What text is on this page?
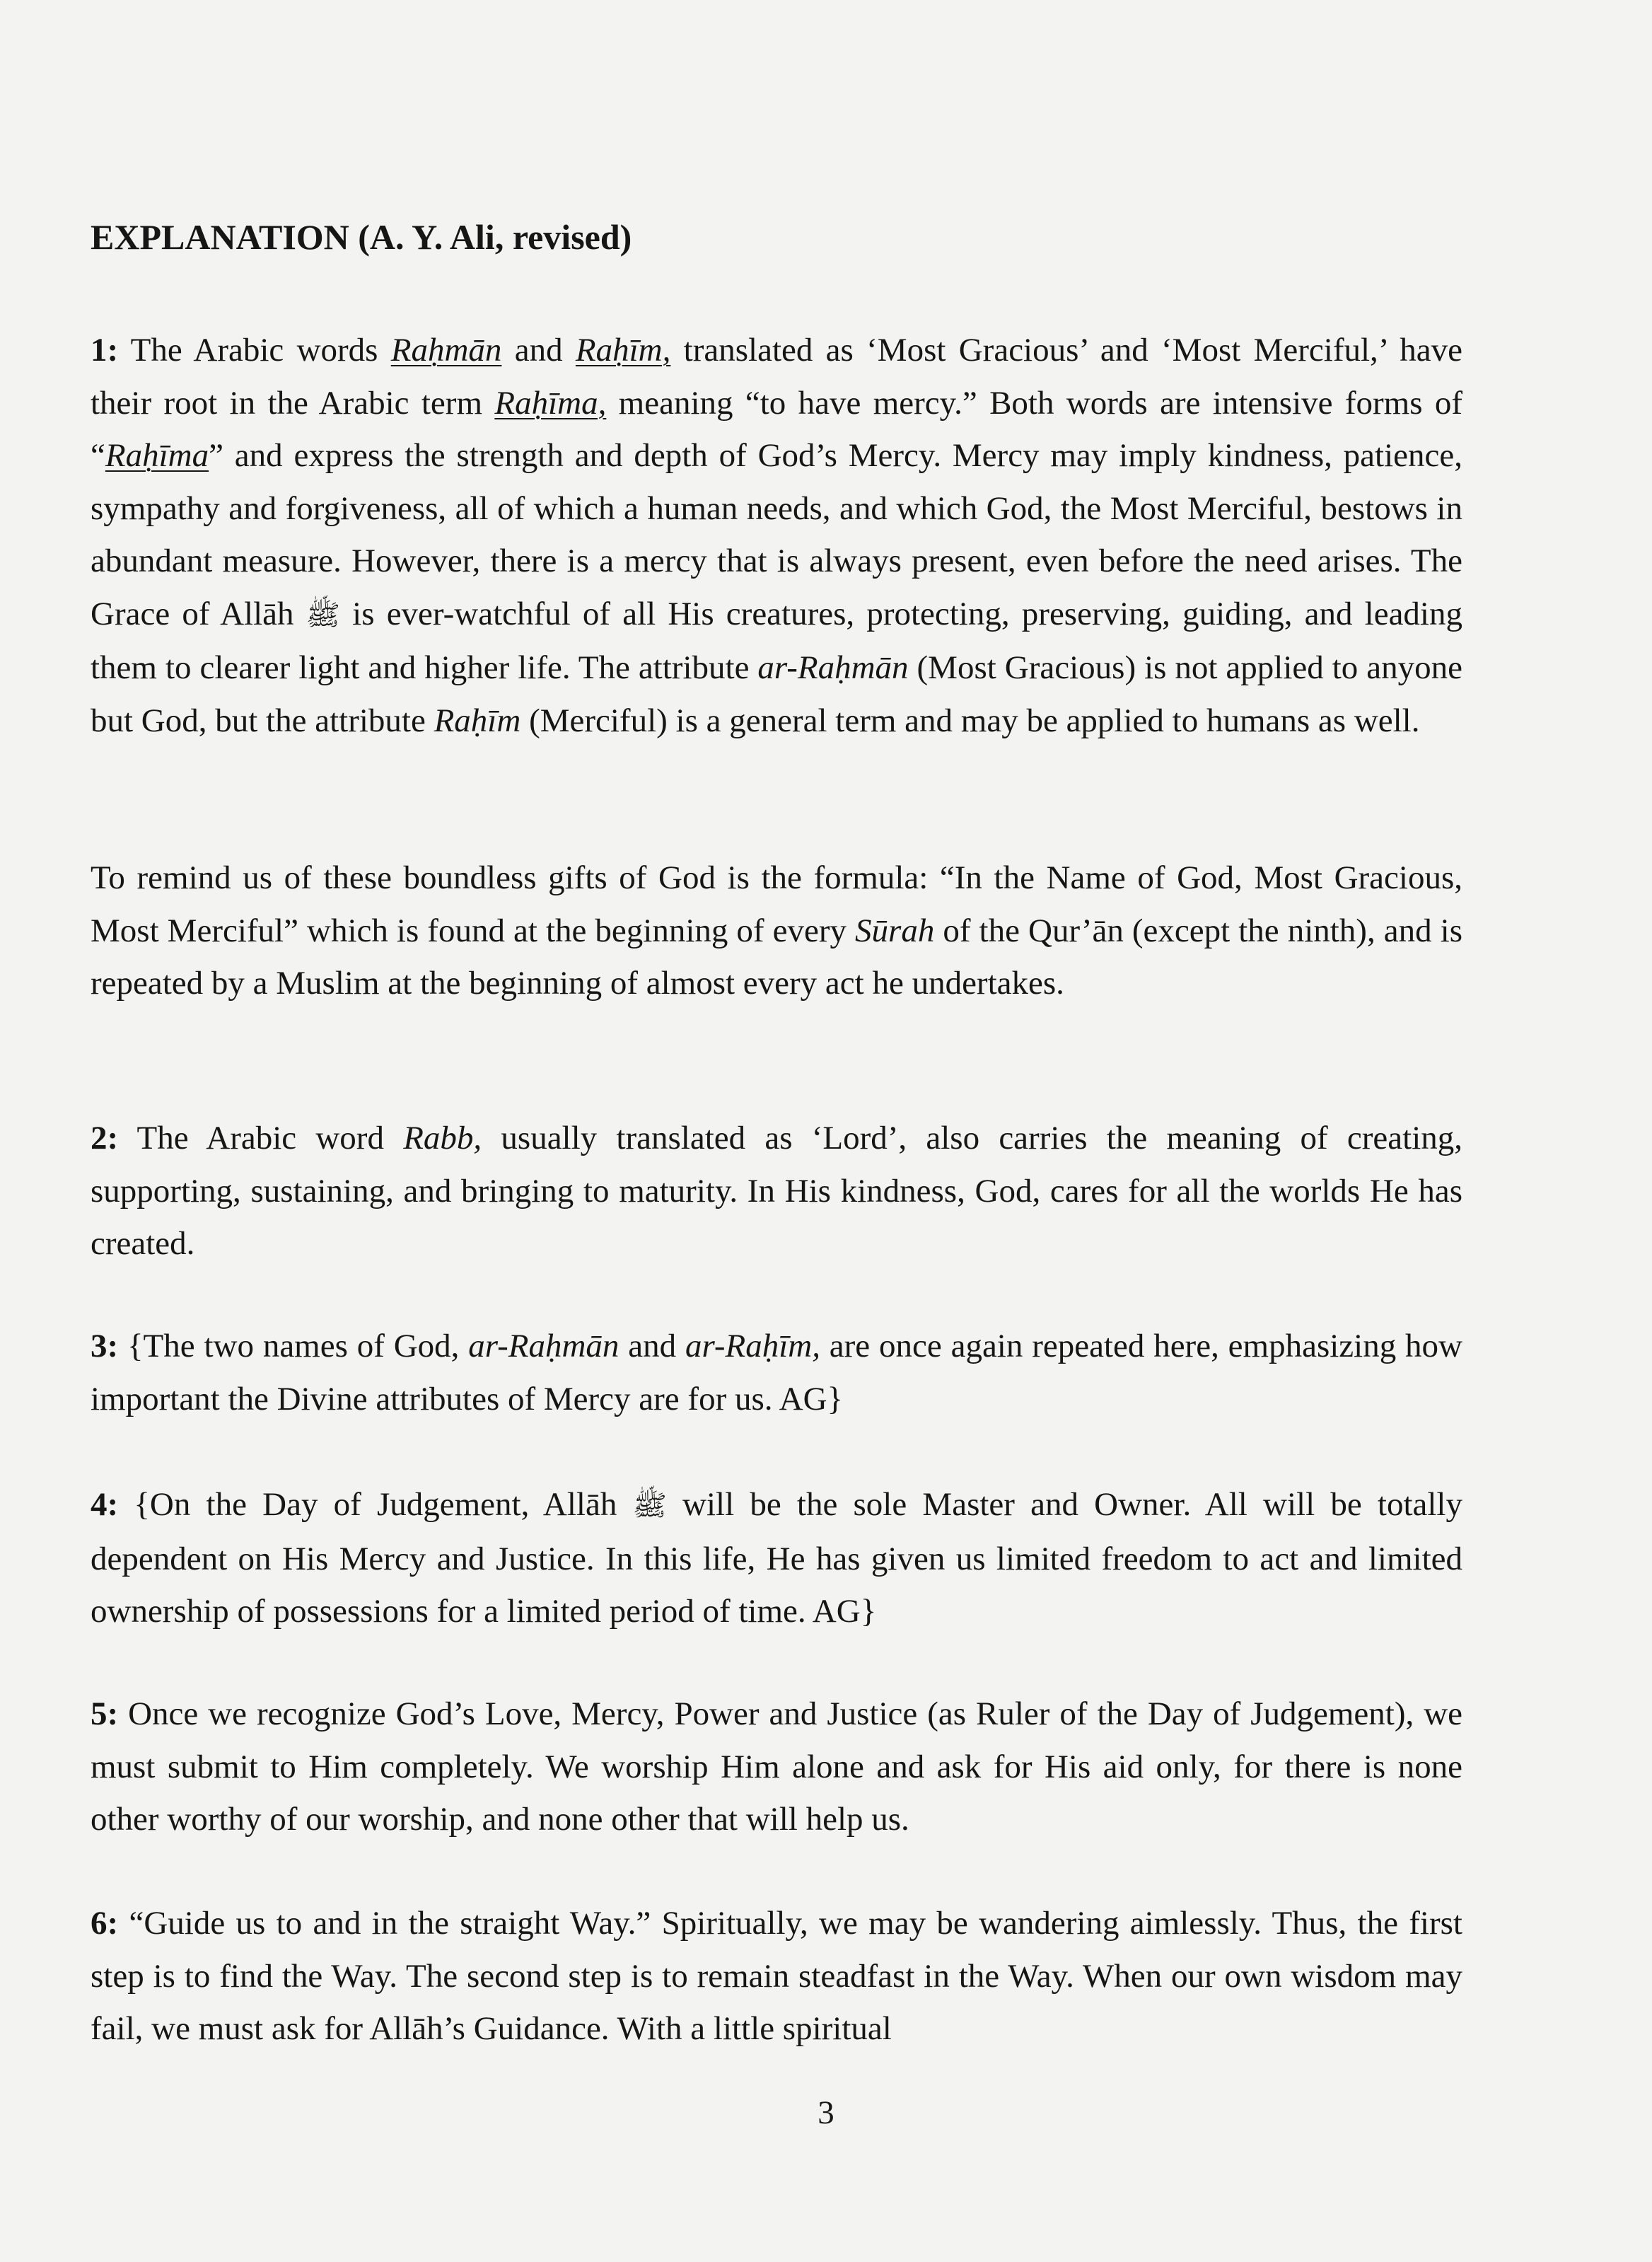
EXPLANATION (A. Y. Ali, revised)

1: The Arabic words Raḥmān and Raḥīm, translated as ‘Most Gracious’ and ‘Most Merciful,’ have their root in the Arabic term Raḥīma, meaning “to have mercy.” Both words are intensive forms of “Raḥīma” and express the strength and depth of God’s Mercy. Mercy may imply kindness, patience, sympathy and forgiveness, all of which a human needs, and which God, the Most Merciful, bestows in abundant measure. However, there is a mercy that is always present, even before the need arises. The Grace of Allāh ﷺ is ever-watchful of all His creatures, protecting, preserving, guiding, and leading them to clearer light and higher life. The attribute ar-Raḥmān (Most Gracious) is not applied to anyone but God, but the attribute Raḥīm (Merciful) is a general term and may be applied to humans as well.

To remind us of these boundless gifts of God is the formula: “In the Name of God, Most Gracious, Most Merciful” which is found at the beginning of every Sūrah of the Qur’ān (except the ninth), and is repeated by a Muslim at the beginning of almost every act he undertakes.

2: The Arabic word Rabb, usually translated as ‘Lord’, also carries the meaning of creating, supporting, sustaining, and bringing to maturity. In His kindness, God, cares for all the worlds He has created.

3: {The two names of God, ar-Raḥmān and ar-Raḥīm, are once again repeated here, emphasizing how important the Divine attributes of Mercy are for us. AG}

4: {On the Day of Judgement, Allāh ﷺ will be the sole Master and Owner. All will be totally dependent on His Mercy and Justice. In this life, He has given us limited freedom to act and limited ownership of possessions for a limited period of time. AG}

5: Once we recognize God’s Love, Mercy, Power and Justice (as Ruler of the Day of Judgement), we must submit to Him completely. We worship Him alone and ask for His aid only, for there is none other worthy of our worship, and none other that will help us.

6: “Guide us to and in the straight Way.” Spiritually, we may be wandering aimlessly. Thus, the first step is to find the Way. The second step is to remain steadfast in the Way. When our own wisdom may fail, we must ask for Allāh’s Guidance. With a little spiritual

3
